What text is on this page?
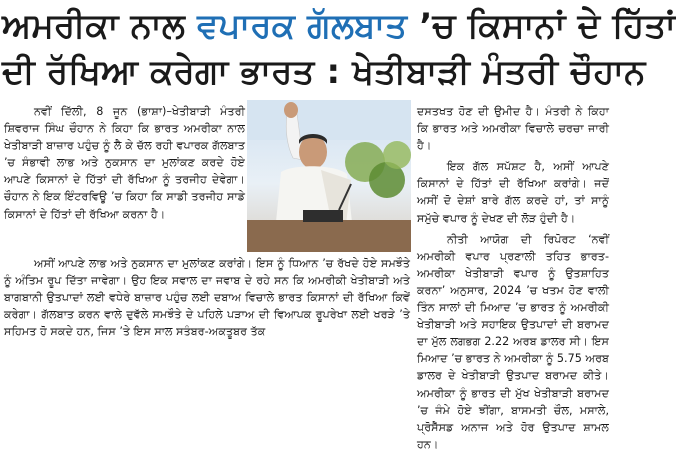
ਅਮਰੀਕਾ ਨਾਲ ਵਪਾਰਕ ਗੱਲਬਾਤ ’ਚ ਕਿਸਾਨਾਂ ਦੇ ਹਿੱਤਾਂ
ਦੀ ਰੱਖਿਆ ਕਰੇਗਾ ਭਾਰਤ : ਖੇਤੀਬਾੜੀ ਮੰਤਰੀ ਚੌਹਾਨ

ਨਵੀਂ ਦਿੱਲੀ, 8 ਜੂਨ (ਭਾਸ਼ਾ)–ਖੇਤੀਬਾੜੀ ਮੰਤਰੀ ਸ਼ਿਵਰਾਜ ਸਿੰਘ ਚੌਹਾਨ ਨੇ ਕਿਹਾ ਕਿ ਭਾਰਤ ਅਮਰੀਕਾ ਨਾਲ ਖੇਤੀਬਾੜੀ ਬਾਜ਼ਾਰ ਪਹੁੰਚ ਨੂੰ ਲੈ ਕੇ ਚੱਲ ਰਹੀ ਵਪਾਰਕ ਗੱਲਬਾਤ ’ਚ ਸੰਭਾਵੀ ਲਾਭ ਅਤੇ ਨੁਕਸਾਨ ਦਾ ਮੁਲਾਂਕਣ ਕਰਦੇ ਹੋਏ ਆਪਣੇ ਕਿਸਾਨਾਂ ਦੇ ਹਿੱਤਾਂ ਦੀ ਰੱਖਿਆ ਨੂੰ ਤਰਜੀਹ ਦੇਵੇਗਾ। ਚੌਹਾਨ ਨੇ ਇਕ ਇੰਟਰਵਿਊ ’ਚ ਕਿਹਾ ਕਿ ਸਾਡੀ ਤਰਜੀਹ ਸਾਡੇ ਕਿਸਾਨਾਂ ਦੇ ਹਿੱਤਾਂ ਦੀ ਰੱਖਿਆ ਕਰਨਾ ਹੈ।

ਅਸੀਂ ਆਪਣੇ ਲਾਭ ਅਤੇ ਨੁਕਸਾਨ ਦਾ ਮੁਲਾਂਕਣ ਕਰਾਂਗੇ। ਇਸ ਨੂੰ ਧਿਆਨ ’ਚ ਰੱਖਦੇ ਹੋਏ ਸਮਝੌਤੇ ਨੂੰ ਅੰਤਿਮ ਰੂਪ ਦਿੱਤਾ ਜਾਵੇਗਾ। ਉਹ ਇਕ ਸਵਾਲ ਦਾ ਜਵਾਬ ਦੇ ਰਹੇ ਸਨ ਕਿ ਅਮਰੀਕੀ ਖੇਤੀਬਾੜੀ ਅਤੇ ਬਾਗਬਾਨੀ ਉਤਪਾਦਾਂ ਲਈ ਵਧੇਰੇ ਬਾਜ਼ਾਰ ਪਹੁੰਚ ਲਈ ਦਬਾਅ ਵਿਚਾਲੇ ਭਾਰਤ ਕਿਸਾਨਾਂ ਦੀ ਰੱਖਿਆ ਕਿਵੇਂ ਕਰੇਗਾ। ਗੱਲਬਾਤ ਕਰਨ ਵਾਲੇ ਦੁਵੱਲੇ ਸਮਝੌਤੇ ਦੇ ਪਹਿਲੇ ਪੜਾਅ ਦੀ ਵਿਆਪਕ ਰੂਪਰੇਖਾ ਲਈ ਖਰੜੇ ’ਤੇ ਸਹਿਮਤ ਹੋ ਸਕਦੇ ਹਨ, ਜਿਸ ’ਤੇ ਇਸ ਸਾਲ ਸਤੰਬਰ-ਅਕਤੂਬਰ ਤੱਕ

ਦਸਤਖਤ ਹੋਣ ਦੀ ਉਮੀਦ ਹੈ। ਮੰਤਰੀ ਨੇ ਕਿਹਾ ਕਿ ਭਾਰਤ ਅਤੇ ਅਮਰੀਕਾ ਵਿਚਾਲੇ ਚਰਚਾ ਜਾਰੀ ਹੈ।

ਇਕ ਗੱਲ ਸਪੱਸ਼ਟ ਹੈ, ਅਸੀਂ ਆਪਣੇ ਕਿਸਾਨਾਂ ਦੇ ਹਿੱਤਾਂ ਦੀ ਰੱਖਿਆ ਕਰਾਂਗੇ। ਜਦੋਂ ਅਸੀਂ ਦੋ ਦੇਸ਼ਾਂ ਬਾਰੇ ਗੱਲ ਕਰਦੇ ਹਾਂ, ਤਾਂ ਸਾਨੂੰ ਸਮੁੱਚੇ ਵਪਾਰ ਨੂੰ ਦੇਖਣ ਦੀ ਲੋੜ ਹੁੰਦੀ ਹੈ।

ਨੀਤੀ ਆਯੋਗ ਦੀ ਰਿਪੋਰਟ ‘ਨਵੀਂ ਅਮਰੀਕੀ ਵਪਾਰ ਪ੍ਰਣਾਲੀ ਤਹਿਤ ਭਾਰਤ-ਅਮਰੀਕਾ ਖੇਤੀਬਾੜੀ ਵਪਾਰ ਨੂੰ ਉਤਸ਼ਾਹਿਤ ਕਰਨਾ’ ਅਨੁਸਾਰ, 2024 ’ਚ ਖਤਮ ਹੋਣ ਵਾਲੀ ਤਿੰਨ ਸਾਲਾਂ ਦੀ ਮਿਆਦ ’ਚ ਭਾਰਤ ਨੂੰ ਅਮਰੀਕੀ ਖੇਤੀਬਾੜੀ ਅਤੇ ਸਹਾਇਕ ਉਤਪਾਦਾਂ ਦੀ ਬਰਾਮਦ ਦਾ ਮੁੱਲ ਲਗਭਗ 2.22 ਅਰਬ ਡਾਲਰ ਸੀ। ਇਸ ਮਿਆਦ ’ਚ ਭਾਰਤ ਨੇ ਅਮਰੀਕਾ ਨੂੰ 5.75 ਅਰਬ ਡਾਲਰ ਦੇ ਖੇਤੀਬਾੜੀ ਉਤਪਾਦ ਬਰਾਮਦ ਕੀਤੇ। ਅਮਰੀਕਾ ਨੂੰ ਭਾਰਤ ਦੀ ਮੁੱਖ ਖੇਤੀਬਾੜੀ ਬਰਾਮਦ ’ਚ ਜੰਮੇ ਹੋਏ ਝੀਂਗਾ, ਬਾਸਮਤੀ ਚੌਲ, ਮਸਾਲੇ, ਪ੍ਰੋਸੈੱਸਡ ਅਨਾਜ ਅਤੇ ਹੋਰ ਉਤਪਾਦ ਸ਼ਾਮਲ ਹਨ।
